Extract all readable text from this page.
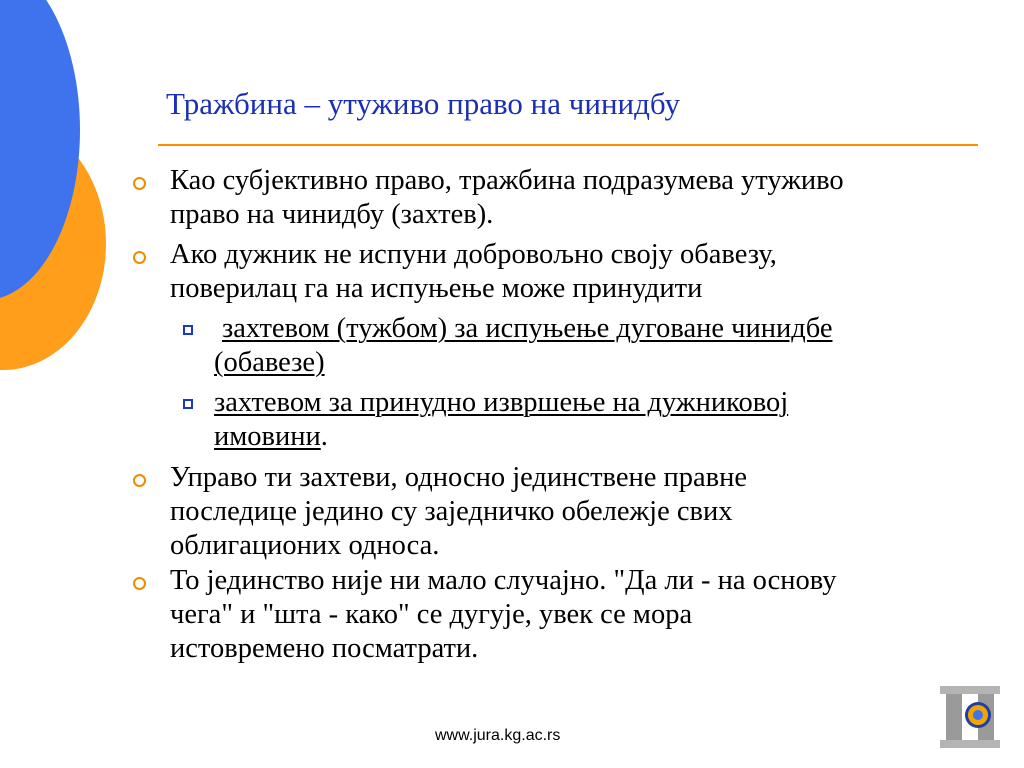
Тражбина – утуживо право на чинидбу
Као субјективно право, тражбина подразумева утуживо
право на чинидбу (захтев).
Ако дужник не испуни добровољно своју обавезу,
поверилац га на испуњење може принудити
захтевом (тужбом) за испуњење дуговане чинидбе
(обавезе)
захтевом за принудно извршење на дужниковој
имовини.
Управо ти захтеви, односно јединствене правне
последице једино су заједничко обележје свих
облигационих односа.
То јединство није ни мало случајно. "Да ли - на основу
чега" и "шта - како" се дугује, увек се мора
истовремено посматрати.
www.jura.kg.ac.rs
